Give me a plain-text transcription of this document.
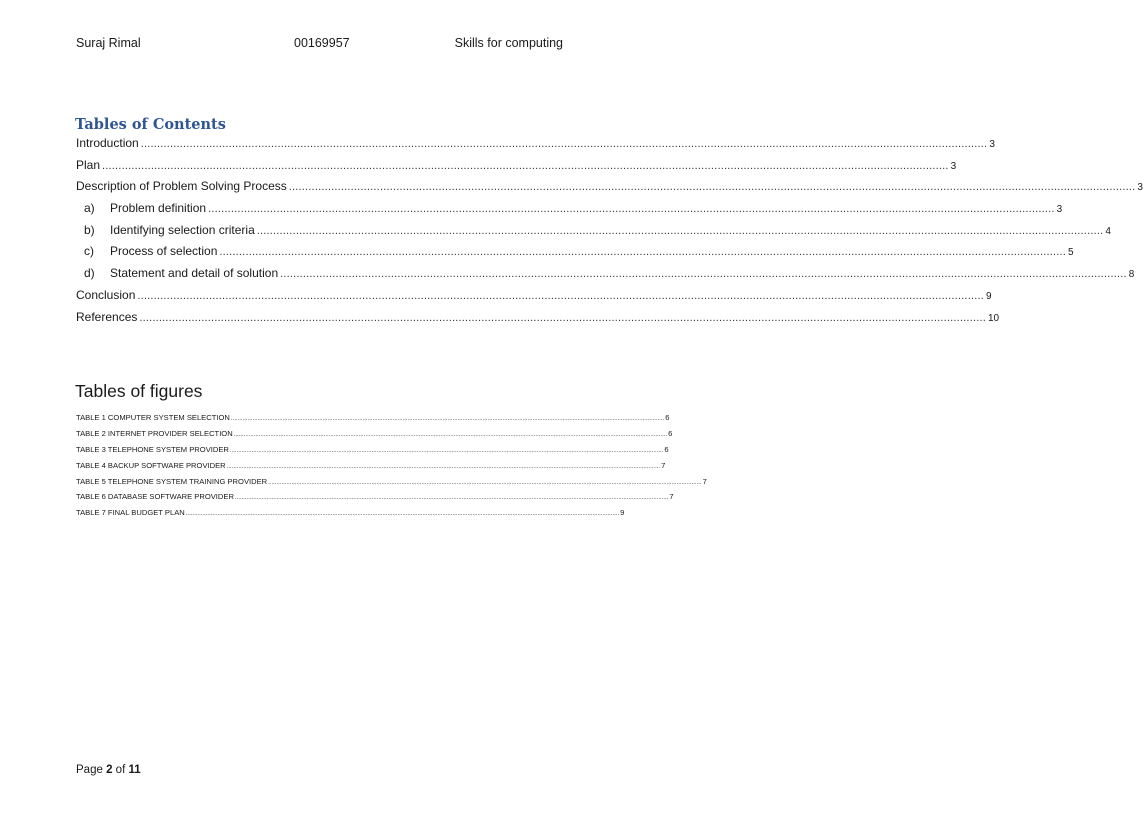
Suraj Rimal	00169957	Skills for computing
Tables of Contents
Introduction .................................................................................................................................................................................................................................................................... 3
Plan .................................................................................................................................................................................................................................................................... 3
Description of Problem Solving Process .................................................................................................................................................................................................................................................................... 3
a)	Problem definition .................................................................................................................................................................................................................................................................... 3
b)	Identifying selection criteria .................................................................................................................................................................................................................................................................... 4
c)	Process of selection .................................................................................................................................................................................................................................................................... 5
d)	Statement and detail of solution .................................................................................................................................................................................................................................................................... 8
Conclusion .................................................................................................................................................................................................................................................................... 9
References .................................................................................................................................................................................................................................................................... 10
Tables of figures
TABLE 1 COMPUTER SYSTEM SELECTION .................................................................................................................................................................................................................................................................... 6
TABLE 2 INTERNET PROVIDER SELECTION .................................................................................................................................................................................................................................................................... 6
TABLE 3 TELEPHONE SYSTEM PROVIDER .................................................................................................................................................................................................................................................................... 6
TABLE 4 BACKUP SOFTWARE PROVIDER .................................................................................................................................................................................................................................................................... 7
TABLE 5 TELEPHONE SYSTEM TRAINING PROVIDER .................................................................................................................................................................................................................................................................... 7
TABLE 6 DATABASE SOFTWARE PROVIDER .................................................................................................................................................................................................................................................................... 7
TABLE 7 FINAL BUDGET PLAN .................................................................................................................................................................................................................................................................... 9
Page 2 of 11
